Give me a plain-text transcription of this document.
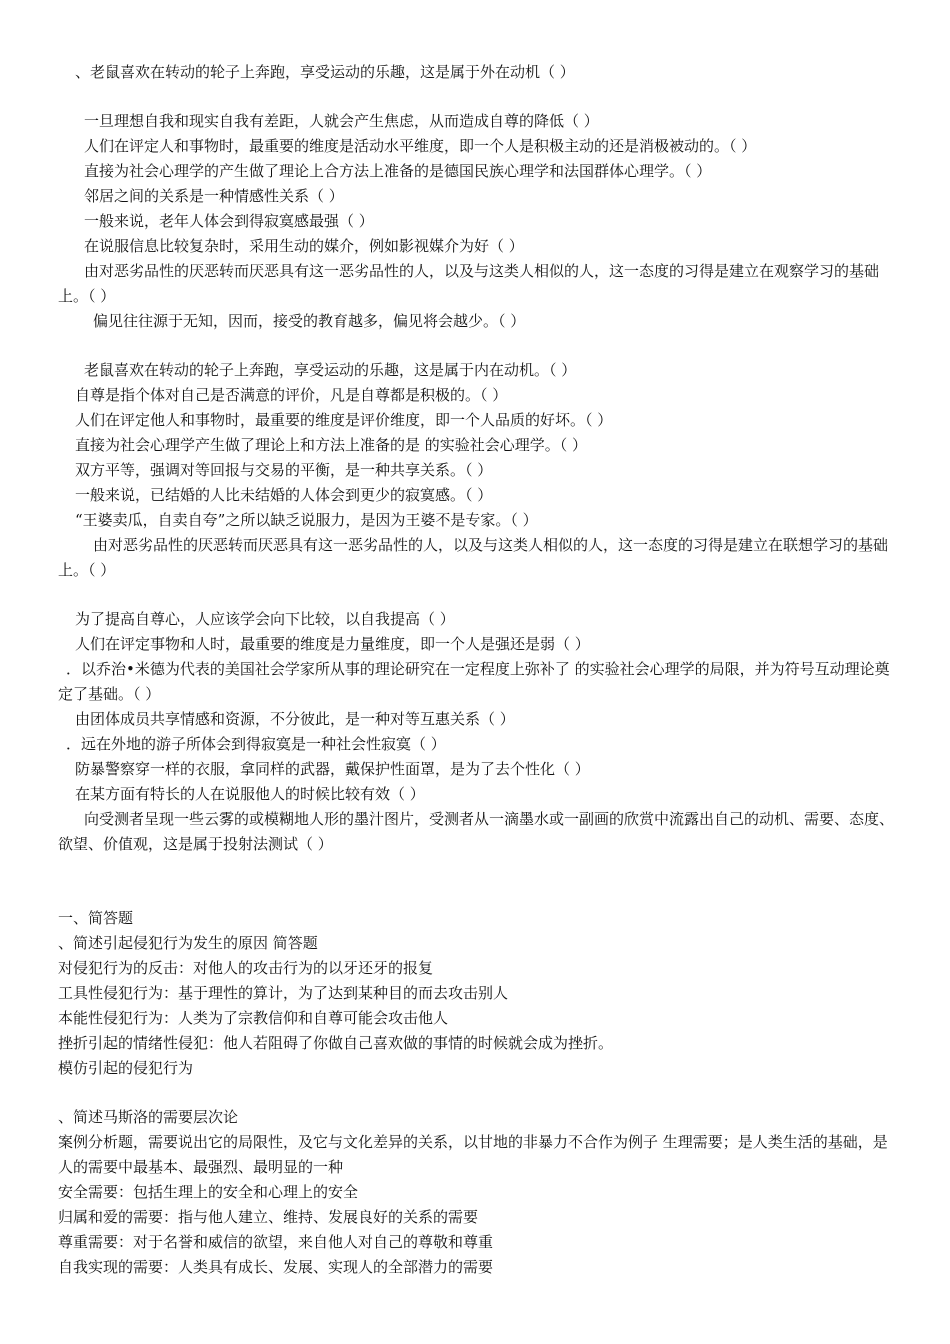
、老鼠喜欢在转动的轮子上奔跑，享受运动的乐趣，这是属于外在动机（ ）
一旦理想自我和现实自我有差距，人就会产生焦虑，从而造成自尊的降低（ ）
人们在评定人和事物时，最重要的维度是活动水平维度，即一个人是积极主动的还是消极被动的。（ ）
直接为社会心理学的产生做了理论上合方法上准备的是德国民族心理学和法国群体心理学。（ ）
邻居之间的关系是一种情感性关系（ ）
一般来说，老年人体会到得寂寞感最强（ ）
在说服信息比较复杂时，采用生动的媒介，例如影视媒介为好（ ）
由对恶劣品性的厌恶转而厌恶具有这一恶劣品性的人，以及与这类人相似的人，这一态度的习得是建立在观察学习的基础上。（ ）
偏见往往源于无知，因而，接受的教育越多，偏见将会越少。（ ）
老鼠喜欢在转动的轮子上奔跑，享受运动的乐趣，这是属于内在动机。（ ）
自尊是指个体对自己是否满意的评价，凡是自尊都是积极的。（ ）
人们在评定他人和事物时，最重要的维度是评价维度，即一个人品质的好坏。（ ）
直接为社会心理学产生做了理论上和方法上准备的是 的实验社会心理学。（ ）
双方平等，强调对等回报与交易的平衡，是一种共享关系。（ ）
一般来说，已结婚的人比未结婚的人体会到更少的寂寞感。（ ）
“王婆卖瓜，自卖自夸”之所以缺乏说服力，是因为王婆不是专家。（ ）
由对恶劣品性的厌恶转而厌恶具有这一恶劣品性的人，以及与这类人相似的人，这一态度的习得是建立在联想学习的基础上。（ ）
为了提高自尊心，人应该学会向下比较，以自我提高（ ）
人们在评定事物和人时，最重要的维度是力量维度，即一个人是强还是弱（ ）
．以乔治•米德为代表的美国社会学家所从事的理论研究在一定程度上弥补了 的实验社会心理学的局限，并为符号互动理论奠定了基础。（ ）
由团体成员共享情感和资源，不分彼此，是一种对等互惠关系（ ）
．远在外地的游子所体会到得寂寞是一种社会性寂寞（ ）
防暴警察穿一样的衣服，拿同样的武器，戴保护性面罩，是为了去个性化（ ）
在某方面有特长的人在说服他人的时候比较有效（ ）
向受测者呈现一些云雾的或模糊地人形的墨汁图片，受测者从一滴墨水或一副画的欣赏中流露出自己的动机、需要、态度、欲望、价值观，这是属于投射法测试（ ）
一、简答题
、简述引起侵犯行为发生的原因 简答题
对侵犯行为的反击：对他人的攻击行为的以牙还牙的报复
工具性侵犯行为：基于理性的算计，为了达到某种目的而去攻击别人
本能性侵犯行为：人类为了宗教信仰和自尊可能会攻击他人
挫折引起的情绪性侵犯：他人若阻碍了你做自己喜欢做的事情的时候就会成为挫折。
模仿引起的侵犯行为
、简述马斯洛的需要层次论
案例分析题，需要说出它的局限性，及它与文化差异的关系，以甘地的非暴力不合作为例子 生理需要；是人类生活的基础，是人的需要中最基本、最强烈、最明显的一种
安全需要：包括生理上的安全和心理上的安全
归属和爱的需要：指与他人建立、维持、发展良好的关系的需要
尊重需要：对于名誉和威信的欲望，来自他人对自己的尊敬和尊重
自我实现的需要：人类具有成长、发展、实现人的全部潜力的需要
